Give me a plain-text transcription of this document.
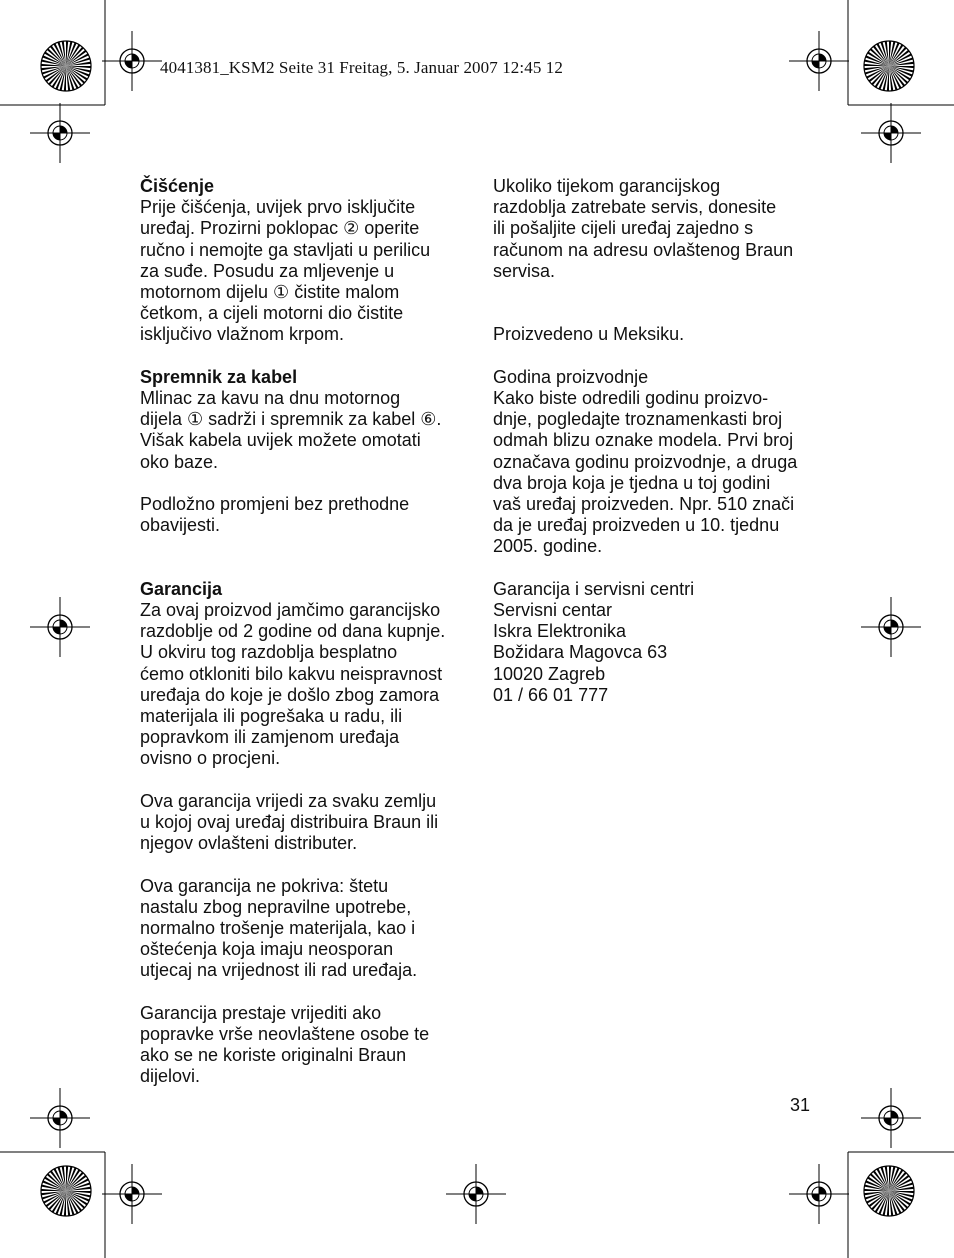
4041381_KSM2 Seite 31 Freitag, 5. Januar 2007 12:45 12

Čišćenje

Prije čišćenja, uvijek prvo isključite

uređaj. Prozirni poklopac ② operite

ručno i nemojte ga stavljati u perilicu

za suđe. Posudu za mljevenje u

motornom dijelu ① čistite malom

četkom, a cijeli motorni dio čistite

isključivo vlažnom krpom.

Spremnik za kabel

Mlinac za kavu na dnu motornog

dijela ① sadrži i spremnik za kabel ⑥.

Višak kabela uvijek možete omotati

oko baze.

Podložno promjeni bez prethodne

obavijesti.

Garancija

Za ovaj proizvod jamčimo garancijsko

razdoblje od 2 godine od dana kupnje.

U okviru tog razdoblja besplatno

ćemo otkloniti bilo kakvu neispravnost

uređaja do koje je došlo zbog zamora

materijala ili pogrešaka u radu, ili

popravkom ili zamjenom uređaja

ovisno o procjeni.

Ova garancija vrijedi za svaku zemlju

u kojoj ovaj uređaj distribuira Braun ili

njegov ovlašteni distributer.

Ova garancija ne pokriva: štetu

nastalu zbog nepravilne upotrebe,

normalno trošenje materijala, kao i

oštećenja koja imaju neosporan

utjecaj na vrijednost ili rad uređaja.

Garancija prestaje vrijediti ako

popravke vrše neovlaštene osobe te

ako se ne koriste originalni Braun

dijelovi.

Ukoliko tijekom garancijskog

razdoblja zatrebate servis, donesite

ili pošaljite cijeli uređaj zajedno s

računom na adresu ovlaštenog Braun

servisa.

Proizvedeno u Meksiku.

Godina proizvodnje

Kako biste odredili godinu proizvo-

dnje, pogledajte troznamenkasti broj

odmah blizu oznake modela. Prvi broj

označava godinu proizvodnje, a druga

dva broja koja je tjedna u toj godini

vaš uređaj proizveden. Npr. 510 znači

da je uređaj proizveden u 10. tjednu

2005. godine.

Garancija i servisni centri

Servisni centar

Iskra Elektronika

Božidara Magovca 63

10020 Zagreb

01 / 66 01 777

31
